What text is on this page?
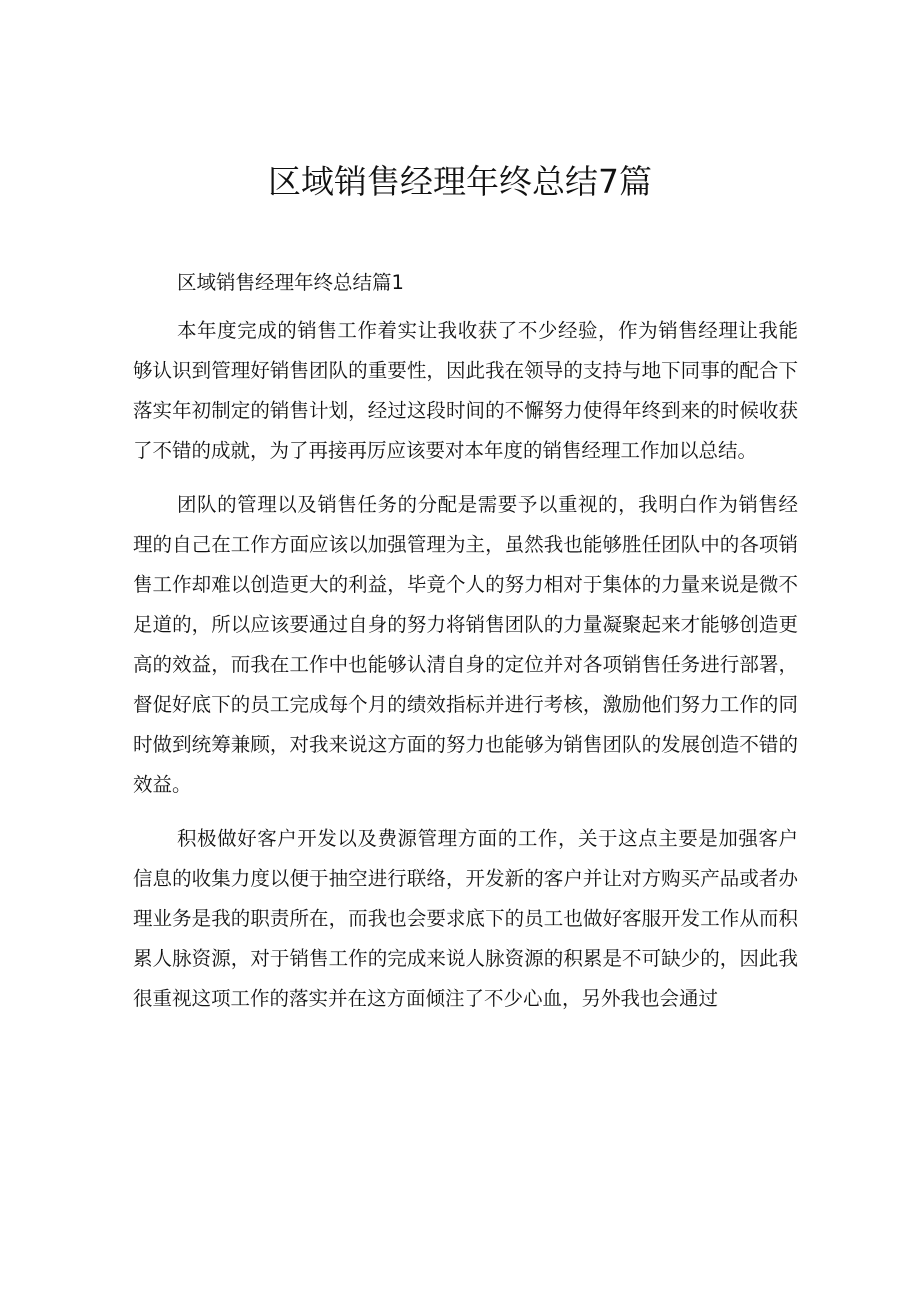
区域销售经理年终总结7篇

区域销售经理年终总结篇1

本年度完成的销售工作着实让我收获了不少经验，作为销售经理让我能够认识到管理好销售团队的重要性，因此我在领导的支持与地下同事的配合下落实年初制定的销售计划，经过这段时间的不懈努力使得年终到来的时候收获了不错的成就，为了再接再厉应该要对本年度的销售经理工作加以总结。

团队的管理以及销售任务的分配是需要予以重视的，我明白作为销售经理的自己在工作方面应该以加强管理为主，虽然我也能够胜任团队中的各项销售工作却难以创造更大的利益，毕竟个人的努力相对于集体的力量来说是微不足道的，所以应该要通过自身的努力将销售团队的力量凝聚起来才能够创造更高的效益，而我在工作中也能够认清自身的定位并对各项销售任务进行部署，督促好底下的员工完成每个月的绩效指标并进行考核，激励他们努力工作的同时做到统筹兼顾，对我来说这方面的努力也能够为销售团队的发展创造不错的效益。

积极做好客户开发以及费源管理方面的工作，关于这点主要是加强客户信息的收集力度以便于抽空进行联络，开发新的客户并让对方购买产品或者办理业务是我的职责所在，而我也会要求底下的员工也做好客服开发工作从而积累人脉资源，对于销售工作的完成来说人脉资源的积累是不可缺少的，因此我很重视这项工作的落实并在这方面倾注了不少心血，另外我也会通过
